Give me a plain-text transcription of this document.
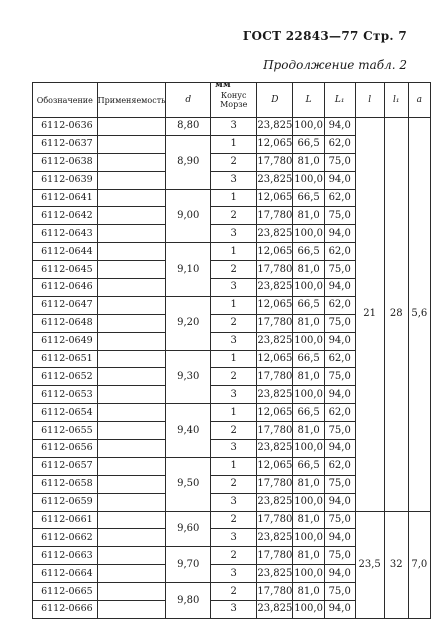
ГОСТ 22843—77 Стр. 7
Продолжение табл. 2
мм
Обозначение	Применяемость	d	Конус Морзе	D	L	L₁	l	l₁	a
6112-0636		8,80	3	23,825	100,0	94,0	21	28	5,6
6112-0637		8,90	1	12,065	66,5	62,0			
6112-0638			2	17,780	81,0	75,0			
6112-0639			3	23,825	100,0	94,0			
6112-0641		9,00	1	12,065	66,5	62,0			
6112-0642			2	17,780	81,0	75,0			
6112-0643			3	23,825	100,0	94,0			
6112-0644		9,10	1	12,065	66,5	62,0			
6112-0645			2	17,780	81,0	75,0			
6112-0646			3	23,825	100,0	94,0			
6112-0647		9,20	1	12,065	66,5	62,0			
6112-0648			2	17,780	81,0	75,0			
6112-0649			3	23,825	100,0	94,0			
6112-0651		9,30	1	12,065	66,5	62,0			
6112-0652			2	17,780	81,0	75,0			
6112-0653			3	23,825	100,0	94,0			
6112-0654		9,40	1	12,065	66,5	62,0			
6112-0655			2	17,780	81,0	75,0			
6112-0656			3	23,825	100,0	94,0			
6112-0657		9,50	1	12,065	66,5	62,0			
6112-0658			2	17,780	81,0	75,0			
6112-0659			3	23,825	100,0	94,0			
6112-0661		9,60	2	17,780	81,0	75,0	23,5	32	7,0
6112-0662			3	23,825	100,0	94,0			
6112-0663		9,70	2	17,780	81,0	75,0			
6112-0664			3	23,825	100,0	94,0			
6112-0665		9,80	2	17,780	81,0	75,0			
6112-0666			3	23,825	100,0	94,0			
